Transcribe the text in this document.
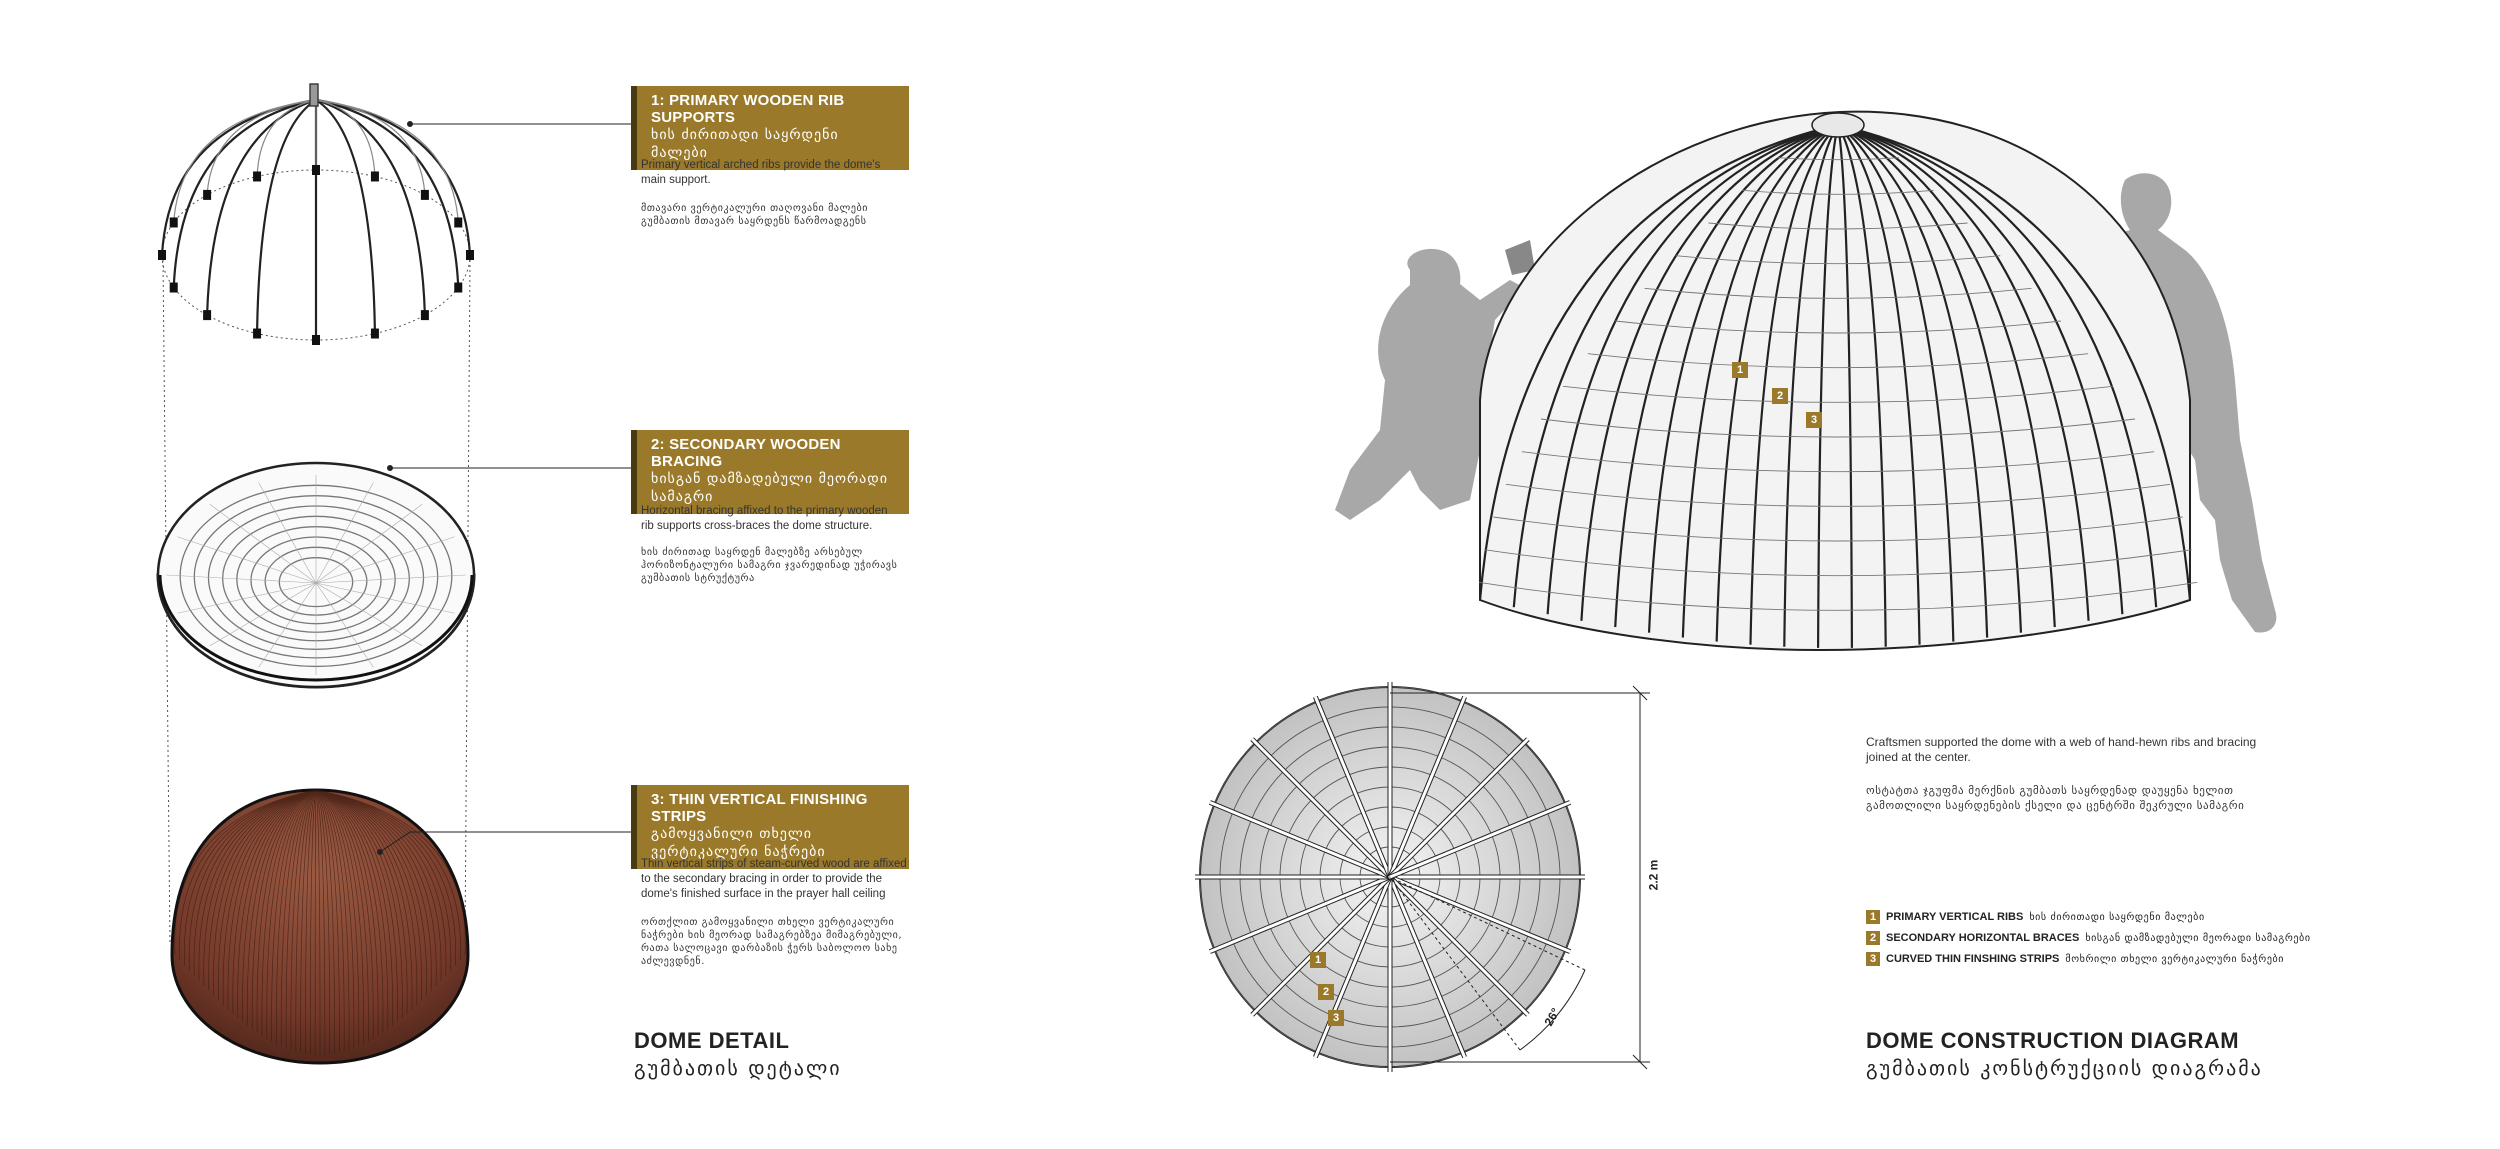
1: PRIMARY WOODEN RIB SUPPORTS
ხის ძირითადი საყრდენი მალები
Primary vertical arched ribs provide the dome's main support.
მთავარი ვერტიკალური თაღოვანი მალები გუმბათის მთავარ საყრდენს წარმოადგენს
2: SECONDARY WOODEN BRACING
ხისგან დამზადებული მეორადი სამაგრი
Horizontal bracing affixed to the primary wooden rib supports cross-braces the dome structure.
ხის ძირითად საყრდენ მალებზე არსებულ ჰორიზონტალური სამაგრი ჯვარედინად უჭირავს გუმბათის სტრუქტურა
3: THIN VERTICAL FINISHING STRIPS
გამოყვანილი თხელი ვერტიკალური ნაჭრები
Thin vertical strips of steam-curved wood are affixed to the secondary bracing in order to provide the dome's finished surface in the prayer hall ceiling
ორთქლით გამოყვანილი თხელი ვერტიკალური ნაჭრები ხის მეორად სამაგრებზეა მიმაგრებული, რათა სალოცავი დარბაზის ჭერს საბოლოო სახე აძლევდნენ.
DOME DETAIL
გუმბათის დეტალი
1
2
3
1
2
3
2.2 m
26°
Craftsmen supported the dome with a web of hand-hewn ribs and bracing joined at the center.
ოსტატთა ჯგუფმა მერქნის გუმბათს საყრდენად დაუყენა ხელით გამოთლილი საყრდენების ქსელი და ცენტრში შეკრული სამაგრი
1 PRIMARY VERTICAL RIBS ხის ძირითადი საყრდენი მალები
2 SECONDARY HORIZONTAL BRACES ხისგან დამზადებული მეორადი სამაგრები
3 CURVED THIN FINSHING STRIPS მოხრილი თხელი ვერტიკალური ნაჭრები
DOME CONSTRUCTION DIAGRAM
გუმბათის კონსტრუქციის დიაგრამა
